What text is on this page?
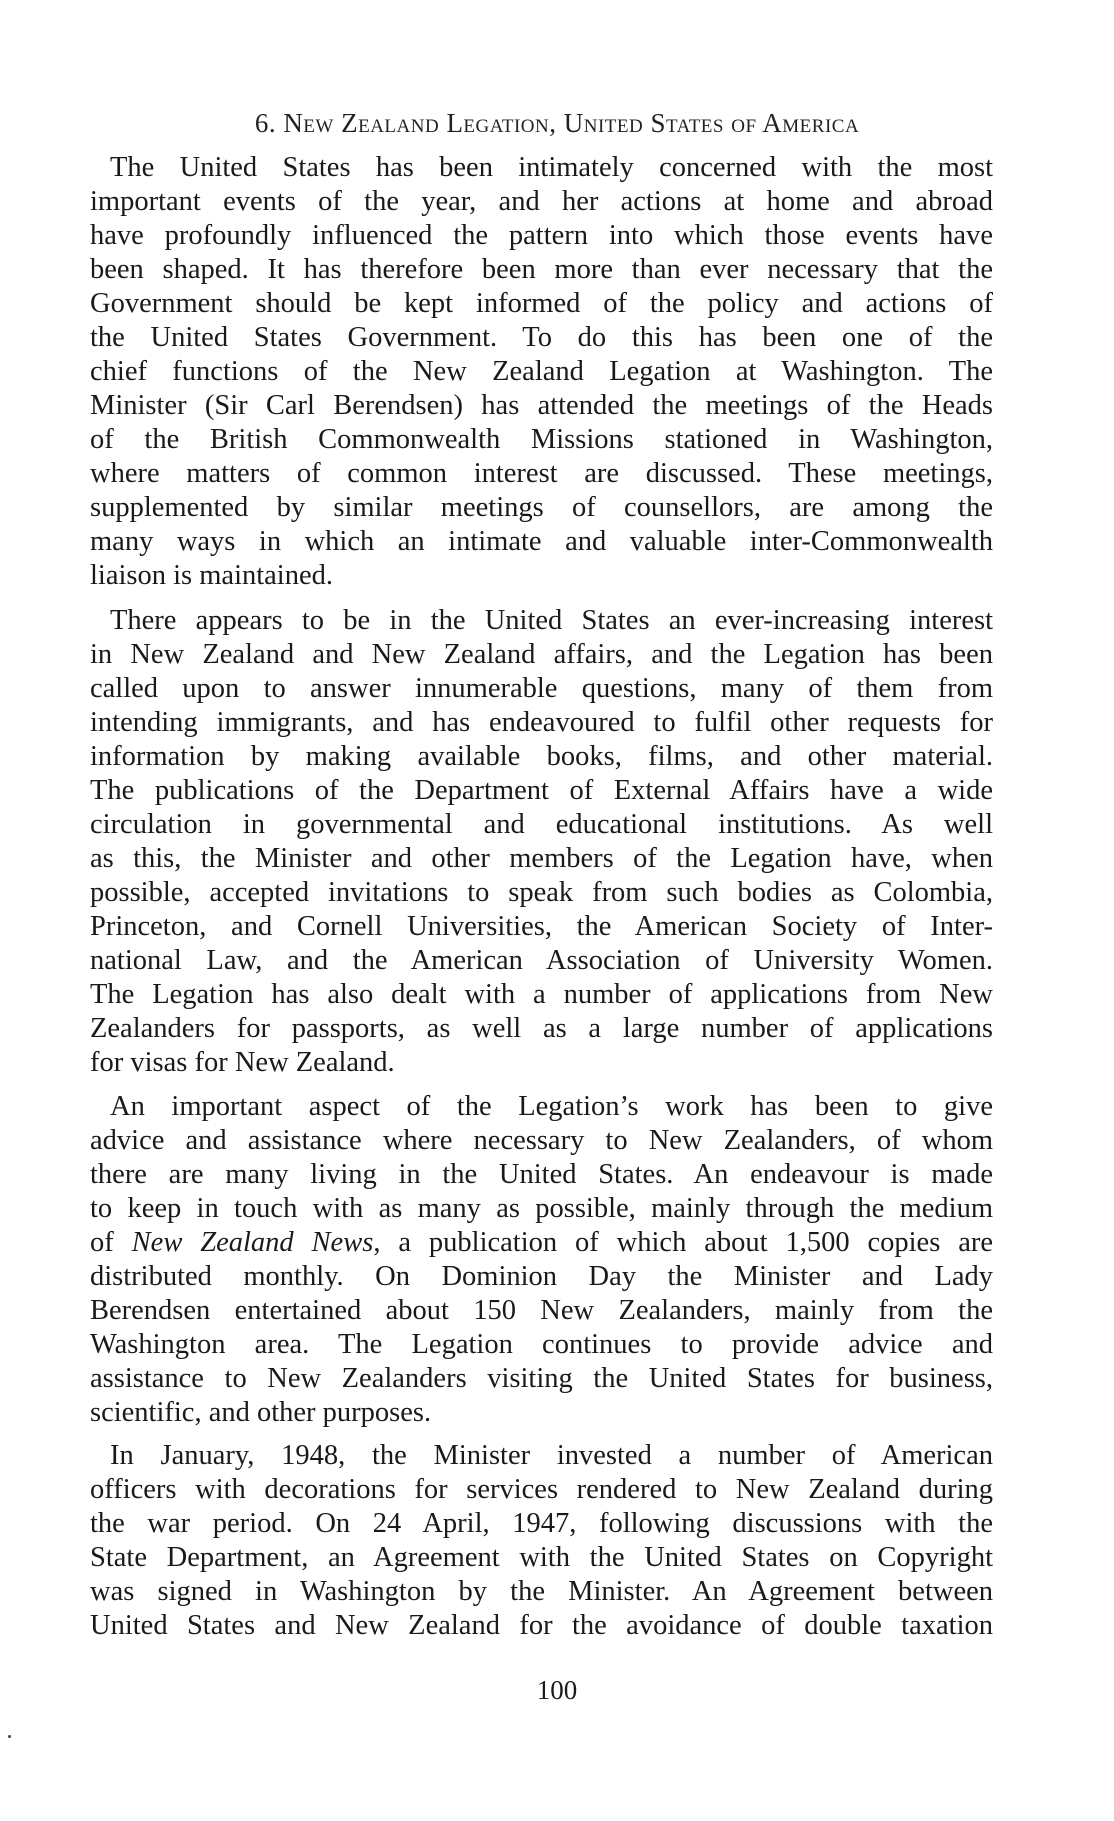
6. New Zealand Legation, United States of America
The United States has been intimately concerned with the most
important events of the year, and her actions at home and abroad
have profoundly influenced the pattern into which those events have
been shaped. It has therefore been more than ever necessary that the
Government should be kept informed of the policy and actions of
the United States Government. To do this has been one of the
chief functions of the New Zealand Legation at Washington. The
Minister (Sir Carl Berendsen) has attended the meetings of the Heads
of the British Commonwealth Missions stationed in Washington,
where matters of common interest are discussed. These meetings,
supplemented by similar meetings of counsellors, are among the
many ways in which an intimate and valuable inter-Commonwealth
liaison is maintained.
There appears to be in the United States an ever-increasing interest
in New Zealand and New Zealand affairs, and the Legation has been
called upon to answer innumerable questions, many of them from
intending immigrants, and has endeavoured to fulfil other requests for
information by making available books, films, and other material.
The publications of the Department of External Affairs have a wide
circulation in governmental and educational institutions. As well
as this, the Minister and other members of the Legation have, when
possible, accepted invitations to speak from such bodies as Colombia,
Princeton, and Cornell Universities, the American Society of Inter-
national Law, and the American Association of University Women.
The Legation has also dealt with a number of applications from New
Zealanders for passports, as well as a large number of applications
for visas for New Zealand.
An important aspect of the Legation’s work has been to give
advice and assistance where necessary to New Zealanders, of whom
there are many living in the United States. An endeavour is made
to keep in touch with as many as possible, mainly through the medium
of New Zealand News, a publication of which about 1,500 copies are
distributed monthly. On Dominion Day the Minister and Lady
Berendsen entertained about 150 New Zealanders, mainly from the
Washington area. The Legation continues to provide advice and
assistance to New Zealanders visiting the United States for business,
scientific, and other purposes.
In January, 1948, the Minister invested a number of American
officers with decorations for services rendered to New Zealand during
the war period. On 24 April, 1947, following discussions with the
State Department, an Agreement with the United States on Copyright
was signed in Washington by the Minister. An Agreement between
United States and New Zealand for the avoidance of double taxation
100
